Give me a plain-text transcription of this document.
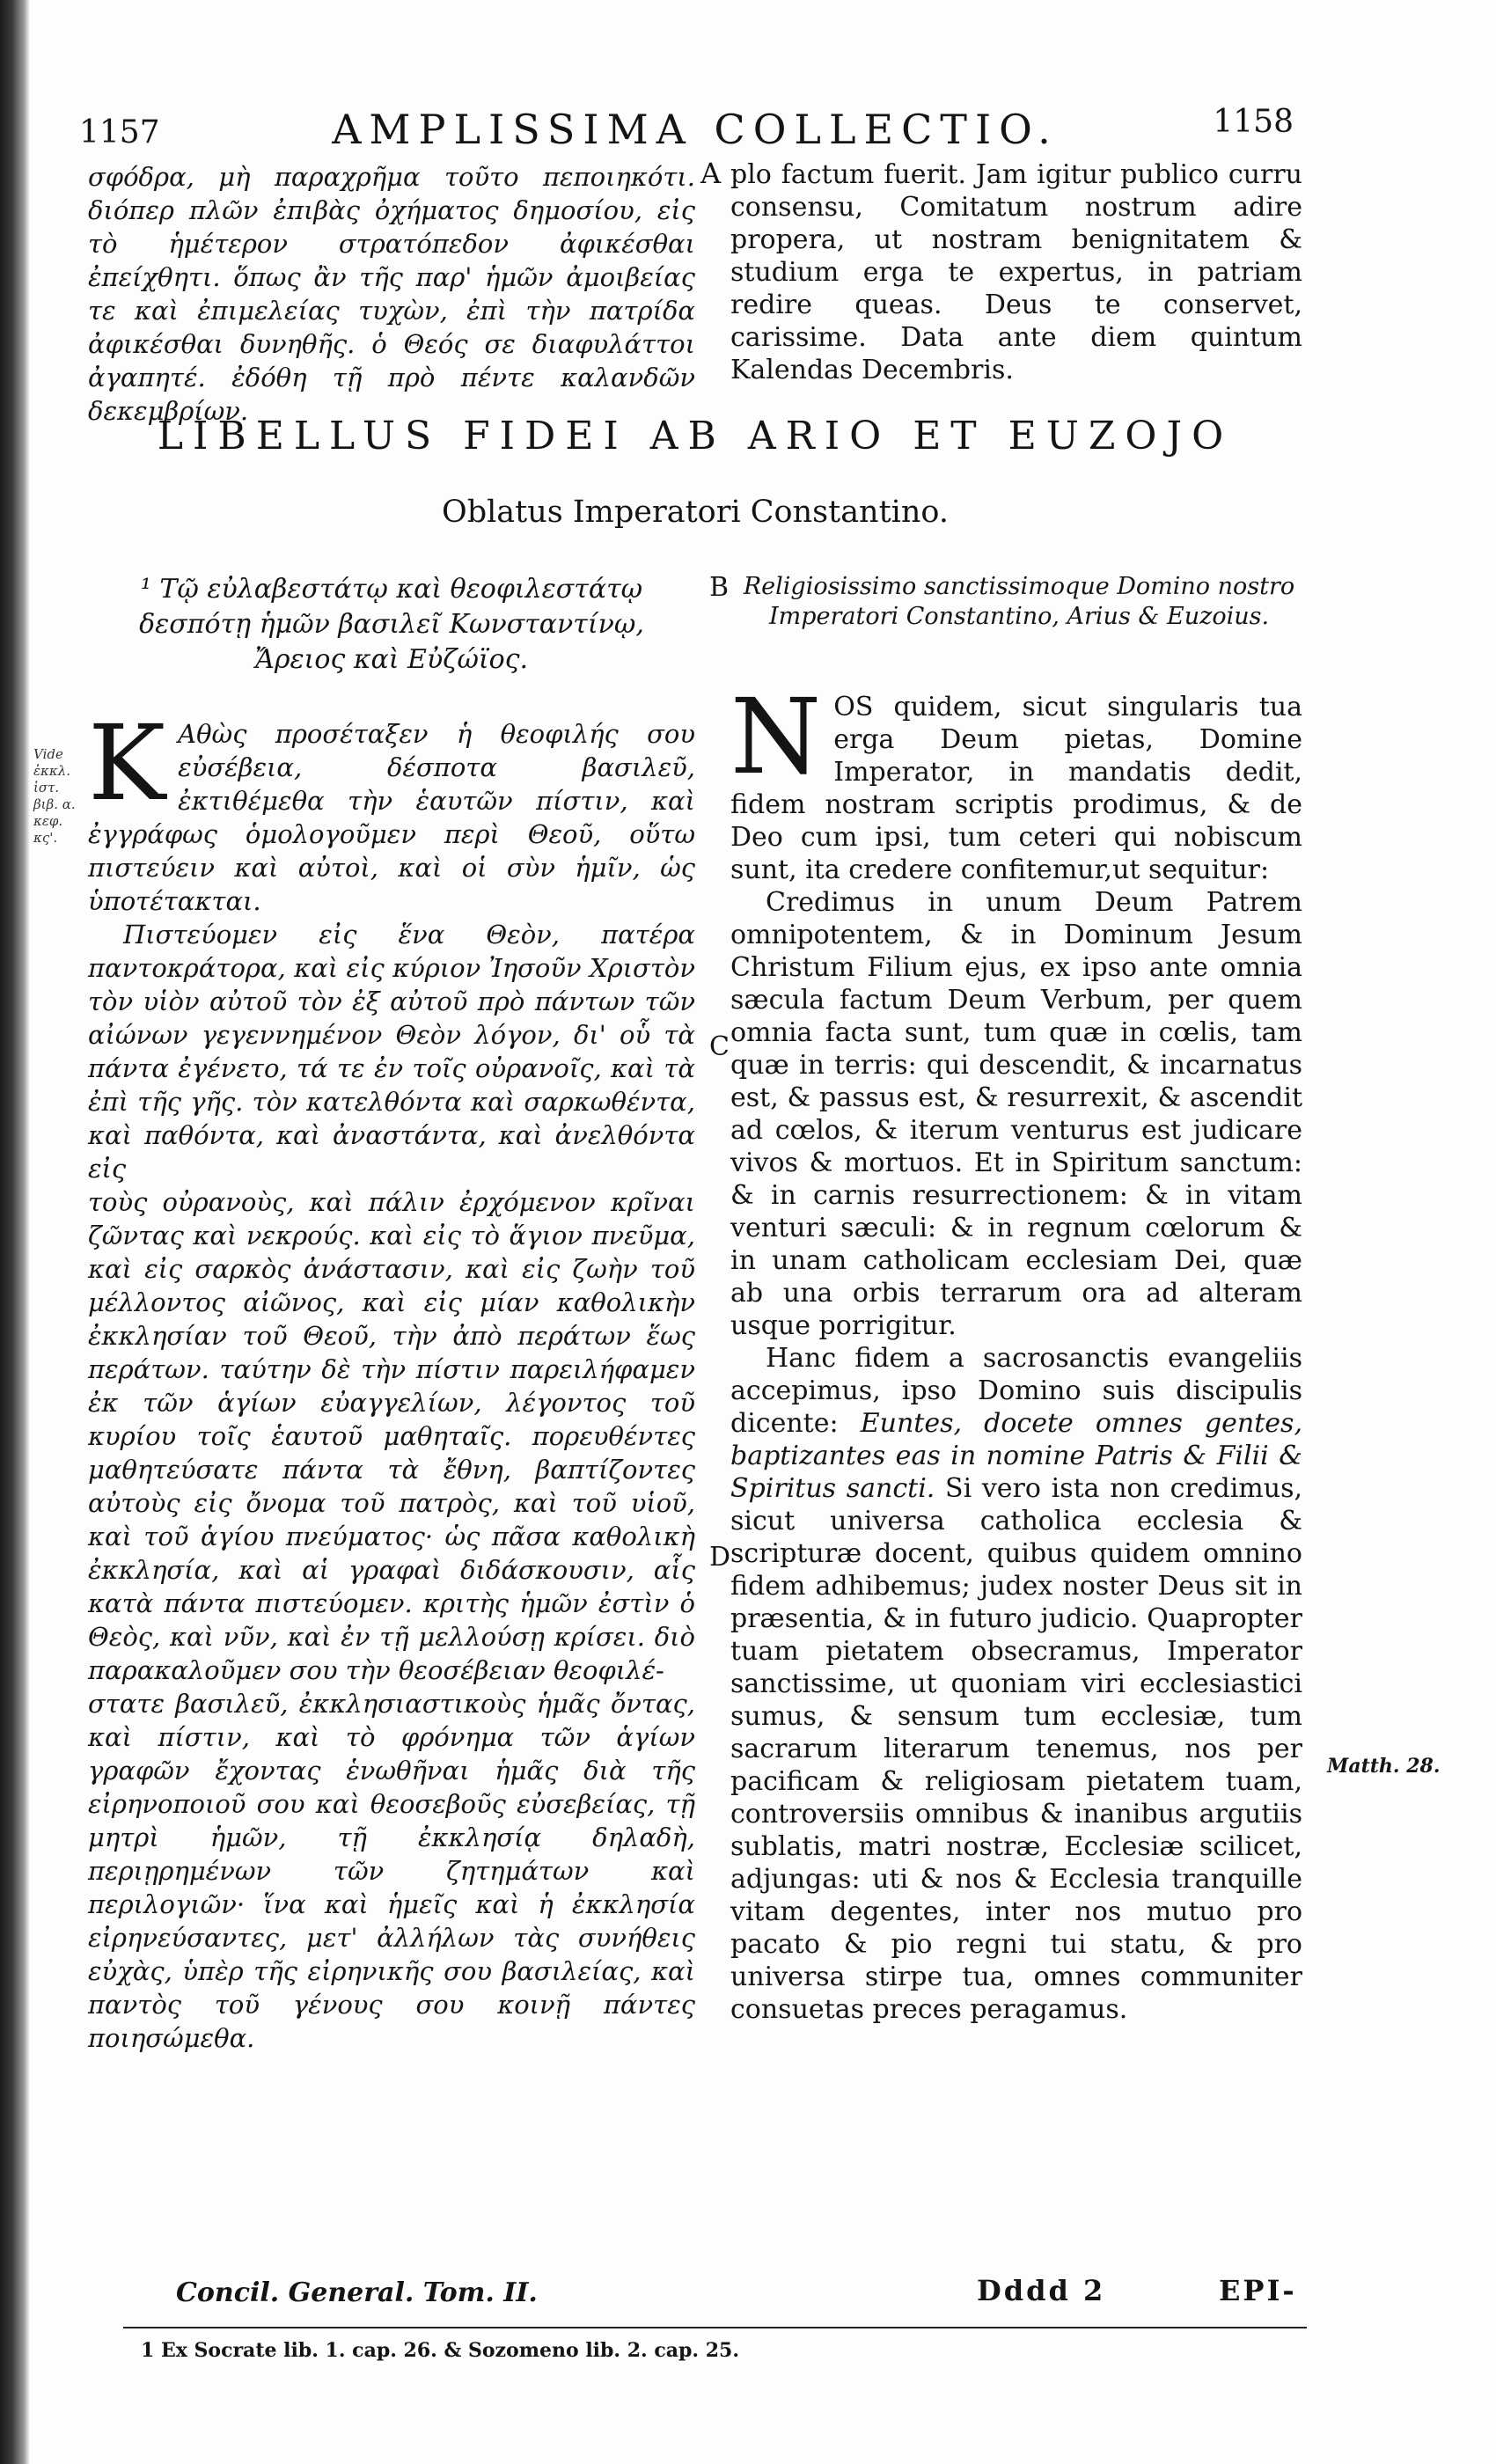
1157	AMPLISSIMA COLLECTIO.	1158

σφόδρα, μὴ παραχρῆμα τοῦτο πεποιηκότι. διόπερ πλῶν ἐπιβὰς ὀχήματος δημοσίου, εἰς τὸ ἡμέτερον στρατόπεδον ἀφικέσθαι ἐπείχθητι. ὅπως ἂν τῆς παρ' ἡμῶν ἀμοιβείας τε καὶ ἐπιμελείας τυχὼν, ἐπὶ τὴν πατρίδα ἀφικέσθαι δυνηθῆς. ὁ Θεός σε διαφυλάττοι ἀγαπητέ. ἐδόθη τῇ πρὸ πέντε καλανδῶν δεκεμβρίων.

A plo factum fuerit. Jam igitur publico curru consensu, Comitatum nostrum adire propera, ut nostram benignitatem & studium erga te expertus, in patriam redire queas. Deus te conservet, carissime. Data ante diem quintum Kalendas Decembris.

LIBELLUS FIDEI AB ARIO ET EUZOJO

Oblatus Imperatori Constantino.

¹ Τῷ εὐλαβεστάτῳ καὶ θεοφιλεστάτῳ δεσπότῃ ἡμῶν βασιλεῖ Κωνσταντίνῳ, Ἄρειος καὶ Εὐζώϊος.

B Religiosissimo sanctissimoque Domino nostro Imperatori Constantino, Arius & Euzoius.

Vide ἐκκλ. ἱστ. βιβ. α. κεφ. κς'.
K Αθὼς προσέταξεν ἡ θεοφιλής σου εὐσέβεια, δέσποτα βασιλεῦ, ἐκτιθέμεθα τὴν ἑαυτῶν πίστιν, καὶ ἐγγράφως ὁμολογοῦμεν περὶ Θεοῦ, οὕτω πιστεύειν καὶ αὐτοὶ, καὶ οἱ σὺν ἡμῖν, ὡς ὑποτέτακται.

Πιστεύομεν εἰς ἕνα Θεὸν, πατέρα παντοκράτορα, καὶ εἰς κύριον Ἰησοῦν Χριστὸν τὸν υἱὸν αὐτοῦ τὸν ἐξ αὐτοῦ πρὸ πάντων τῶν αἰώνων γεγεννημένον Θεὸν λόγον, δι' οὗ τὰ πάντα ἐγένετο, τά τε ἐν τοῖς οὐρανοῖς, καὶ τὰ ἐπὶ τῆς γῆς. τὸν κατελθόντα καὶ σαρκωθέντα, καὶ παθόντα, καὶ ἀναστάντα, καὶ ἀνελθόντα εἰς

τοὺς οὐρανοὺς, καὶ πάλιν ἐρχόμενον κρῖναι ζῶντας καὶ νεκρούς. καὶ εἰς τὸ ἅγιον πνεῦμα, καὶ εἰς σαρκὸς ἀνάστασιν, καὶ εἰς ζωὴν τοῦ μέλλοντος αἰῶνος, καὶ εἰς μίαν καθολικὴν ἐκκλησίαν τοῦ Θεοῦ, τὴν ἀπὸ περάτων ἕως περάτων. ταύτην δὲ τὴν πίστιν παρειλήφαμεν ἐκ τῶν ἁγίων εὐαγγελίων, λέγοντος τοῦ κυρίου τοῖς ἑαυτοῦ μαθηταῖς. πορευθέντες μαθητεύσατε πάντα τὰ ἔθνη, βαπτίζοντες αὐτοὺς εἰς ὄνομα τοῦ πατρὸς, καὶ τοῦ υἱοῦ, καὶ τοῦ ἁγίου πνεύματος· ὡς πᾶσα καθολικὴ ἐκκλησία, καὶ αἱ γραφαὶ διδάσκουσιν, αἷς κατὰ πάντα πιστεύομεν. κριτὴς ἡμῶν ἐστὶν ὁ Θεὸς, καὶ νῦν, καὶ ἐν τῇ μελλούσῃ κρίσει. διὸ παρακαλοῦμεν σου τὴν θεοσέβειαν θεοφιλέ-

στατε βασιλεῦ, ἐκκλησιαστικοὺς ἡμᾶς ὄντας, καὶ πίστιν, καὶ τὸ φρόνημα τῶν ἁγίων γραφῶν ἔχοντας ἑνωθῆναι ἡμᾶς διὰ τῆς εἰρηνοποιοῦ σου καὶ θεοσεβοῦς εὐσεβείας, τῇ μητρὶ ἡμῶν, τῇ ἐκκλησίᾳ δηλαδὴ, περιῃρημένων τῶν ζητημάτων καὶ περιλογιῶν· ἵνα καὶ ἡμεῖς καὶ ἡ ἐκκλησία εἰρηνεύσαντες, μετ' ἀλλήλων τὰς συνήθεις εὐχὰς, ὑπὲρ τῆς εἰρηνικῆς σου βασιλείας, καὶ παντὸς τοῦ γένους σου κοινῇ πάντες ποιησώμεθα.

C
D
N OS quidem, sicut singularis tua erga Deum pietas, Domine Imperator, in mandatis dedit, fidem nostram scriptis prodimus, & de Deo cum ipsi, tum ceteri qui nobiscum sunt, ita credere confitemur,ut sequitur:

Credimus in unum Deum Patrem omnipotentem, & in Dominum Jesum Christum Filium ejus, ex ipso ante omnia sæcula factum Deum Verbum, per quem omnia facta sunt, tum quæ in cœlis, tam quæ in terris: qui descendit, & incarnatus est, & passus est, & resurrexit, & ascendit ad cœlos, & iterum venturus est judicare vivos & mortuos. Et in Spiritum sanctum: & in carnis resurrectionem: & in vitam venturi sæculi: & in regnum cœlorum & in unam catholicam ecclesiam Dei, quæ ab una orbis terrarum ora ad alteram usque porrigitur.

Hanc fidem a sacrosanctis evangeliis accepimus, ipso Domino suis discipulis dicente: Euntes, docete omnes gentes, baptizantes eas in nomine Patris & Filii & Spiritus sancti. Si vero ista non credimus, sicut universa catholica ecclesia & scripturæ docent, quibus quidem omnino fidem adhibemus; judex noster Deus sit in præsentia, & in futuro judicio. Quapropter tuam pietatem obsecramus, Imperator sanctissime, ut quoniam viri ecclesiastici sumus, & sensum tum ecclesiæ, tum sacrarum literarum tenemus, nos per pacificam & religiosam pietatem tuam, controversiis omnibus & inanibus argutiis sublatis, matri nostræ, Ecclesiæ scilicet, adjungas: uti & nos & Ecclesia tranquille vitam degentes, inter nos mutuo pro pacato & pio regni tui statu, & pro universa stirpe tua, omnes communiter consuetas preces peragamus.

Matth. 28.
Concil. General. Tom. II.	Dddd 2	EPI-
1 Ex Socrate lib. 1. cap. 26. & Sozomeno lib. 2. cap. 25.
